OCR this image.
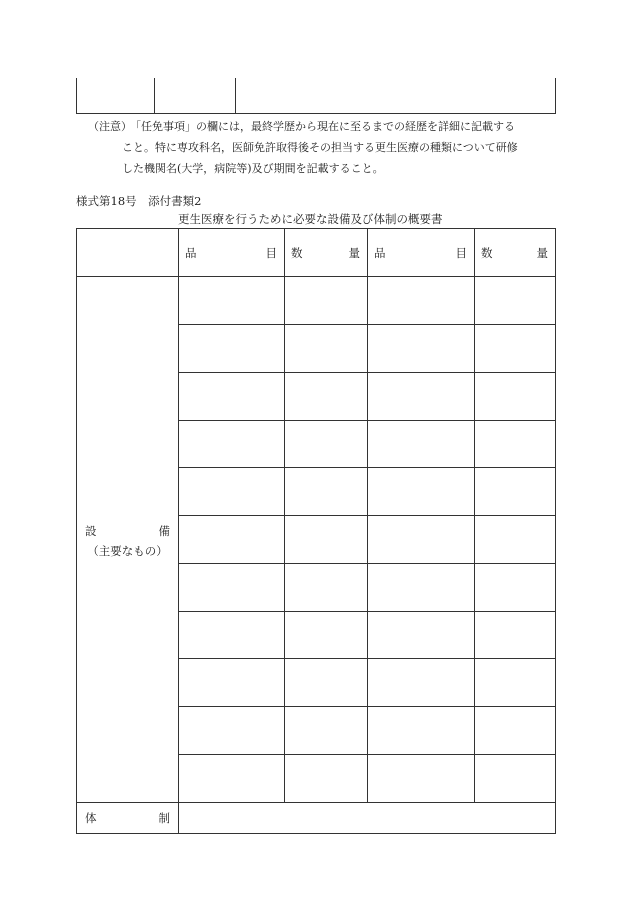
（注意）
「任免事項」の欄には，最終学歴から現在に至るまでの経歴を詳細に記載する
こと。特に専攻科名，医師免許取得後その担当する更生医療の種類について研修
した機関名(大学，病院等)及び期間を記載すること。
様式第18号　添付書類2
更生医療を行うために必要な設備及び体制の概要書
品	目 数	量 品	目 数	量
設	備
（主要なもの）
体	制
